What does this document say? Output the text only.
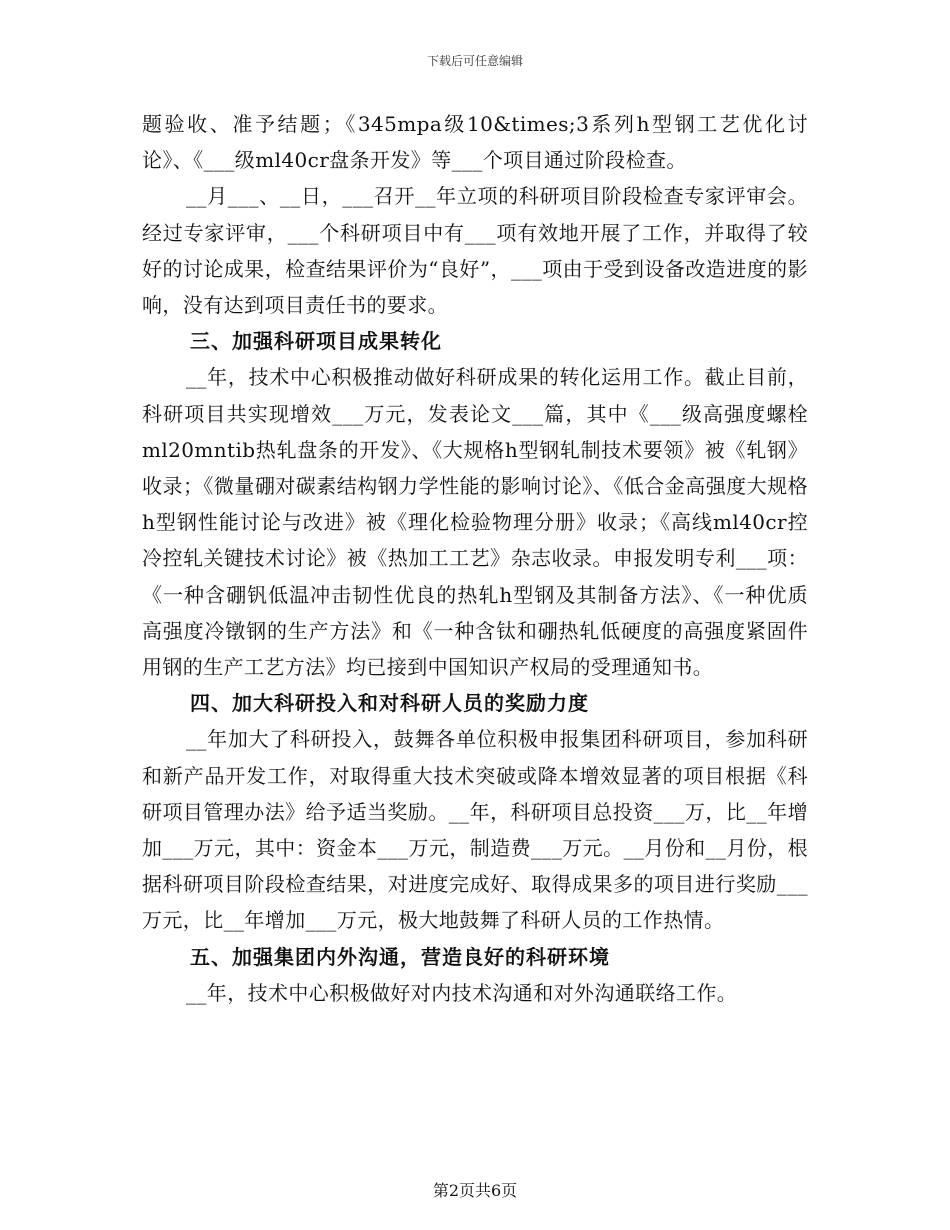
下载后可任意编辑

题验收、准予结题；《345mpa级10&times;3系列h型钢工艺优化讨论》、《___级ml40cr盘条开发》等___个项目通过阶段检查。

__月___、__日，___召开__年立项的科研项目阶段检查专家评审会。经过专家评审，___个科研项目中有___项有效地开展了工作，并取得了较好的讨论成果，检查结果评价为“良好”，___项由于受到设备改造进度的影响，没有达到项目责任书的要求。

三、加强科研项目成果转化

__年，技术中心积极推动做好科研成果的转化运用工作。截止目前，科研项目共实现增效___万元，发表论文___篇，其中《___级高强度螺栓ml20mntib热轧盘条的开发》、《大规格h型钢轧制技术要领》被《轧钢》收录；《微量硼对碳素结构钢力学性能的影响讨论》、《低合金高强度大规格h型钢性能讨论与改进》被《理化检验物理分册》收录；《高线ml40cr控冷控轧关键技术讨论》被《热加工工艺》杂志收录。申报发明专利___项：《一种含硼钒低温冲击韧性优良的热轧h型钢及其制备方法》、《一种优质高强度冷镦钢的生产方法》和《一种含钛和硼热轧低硬度的高强度紧固件用钢的生产工艺方法》均已接到中国知识产权局的受理通知书。

四、加大科研投入和对科研人员的奖励力度

__年加大了科研投入，鼓舞各单位积极申报集团科研项目，参加科研和新产品开发工作，对取得重大技术突破或降本增效显著的项目根据《科研项目管理办法》给予适当奖励。__年，科研项目总投资___万，比__年增加___万元，其中：资金本___万元，制造费___万元。__月份和__月份，根据科研项目阶段检查结果，对进度完成好、取得成果多的项目进行奖励___万元，比__年增加___万元，极大地鼓舞了科研人员的工作热情。

五、加强集团内外沟通，营造良好的科研环境

__年，技术中心积极做好对内技术沟通和对外沟通联络工作。

第2页共6页
